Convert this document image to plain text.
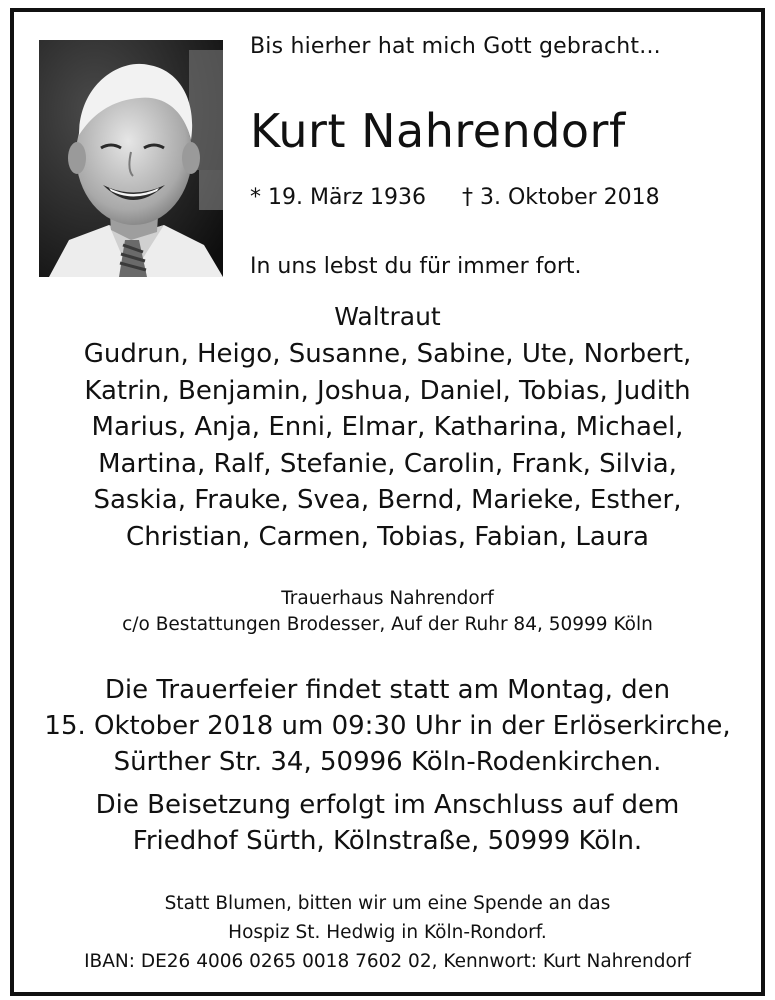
Bis hierher hat mich Gott gebracht...
Kurt Nahrendorf
* 19. März 1936 † 3. Oktober 2018
In uns lebst du für immer fort.
Waltraut
Gudrun, Heigo, Susanne, Sabine, Ute, Norbert,
Katrin, Benjamin, Joshua, Daniel, Tobias, Judith
Marius, Anja, Enni, Elmar, Katharina, Michael,
Martina, Ralf, Stefanie, Carolin, Frank, Silvia,
Saskia, Frauke, Svea, Bernd, Marieke, Esther,
Christian, Carmen, Tobias, Fabian, Laura
Trauerhaus Nahrendorf
c/o Bestattungen Brodesser, Auf der Ruhr 84, 50999 Köln
Die Trauerfeier findet statt am Montag, den
15. Oktober 2018 um 09:30 Uhr in der Erlöserkirche,
Sürther Str. 34, 50996 Köln-Rodenkirchen.
Die Beisetzung erfolgt im Anschluss auf dem
Friedhof Sürth, Kölnstraße, 50999 Köln.
Statt Blumen, bitten wir um eine Spende an das
Hospiz St. Hedwig in Köln-Rondorf.
IBAN: DE26 4006 0265 0018 7602 02, Kennwort: Kurt Nahrendorf
